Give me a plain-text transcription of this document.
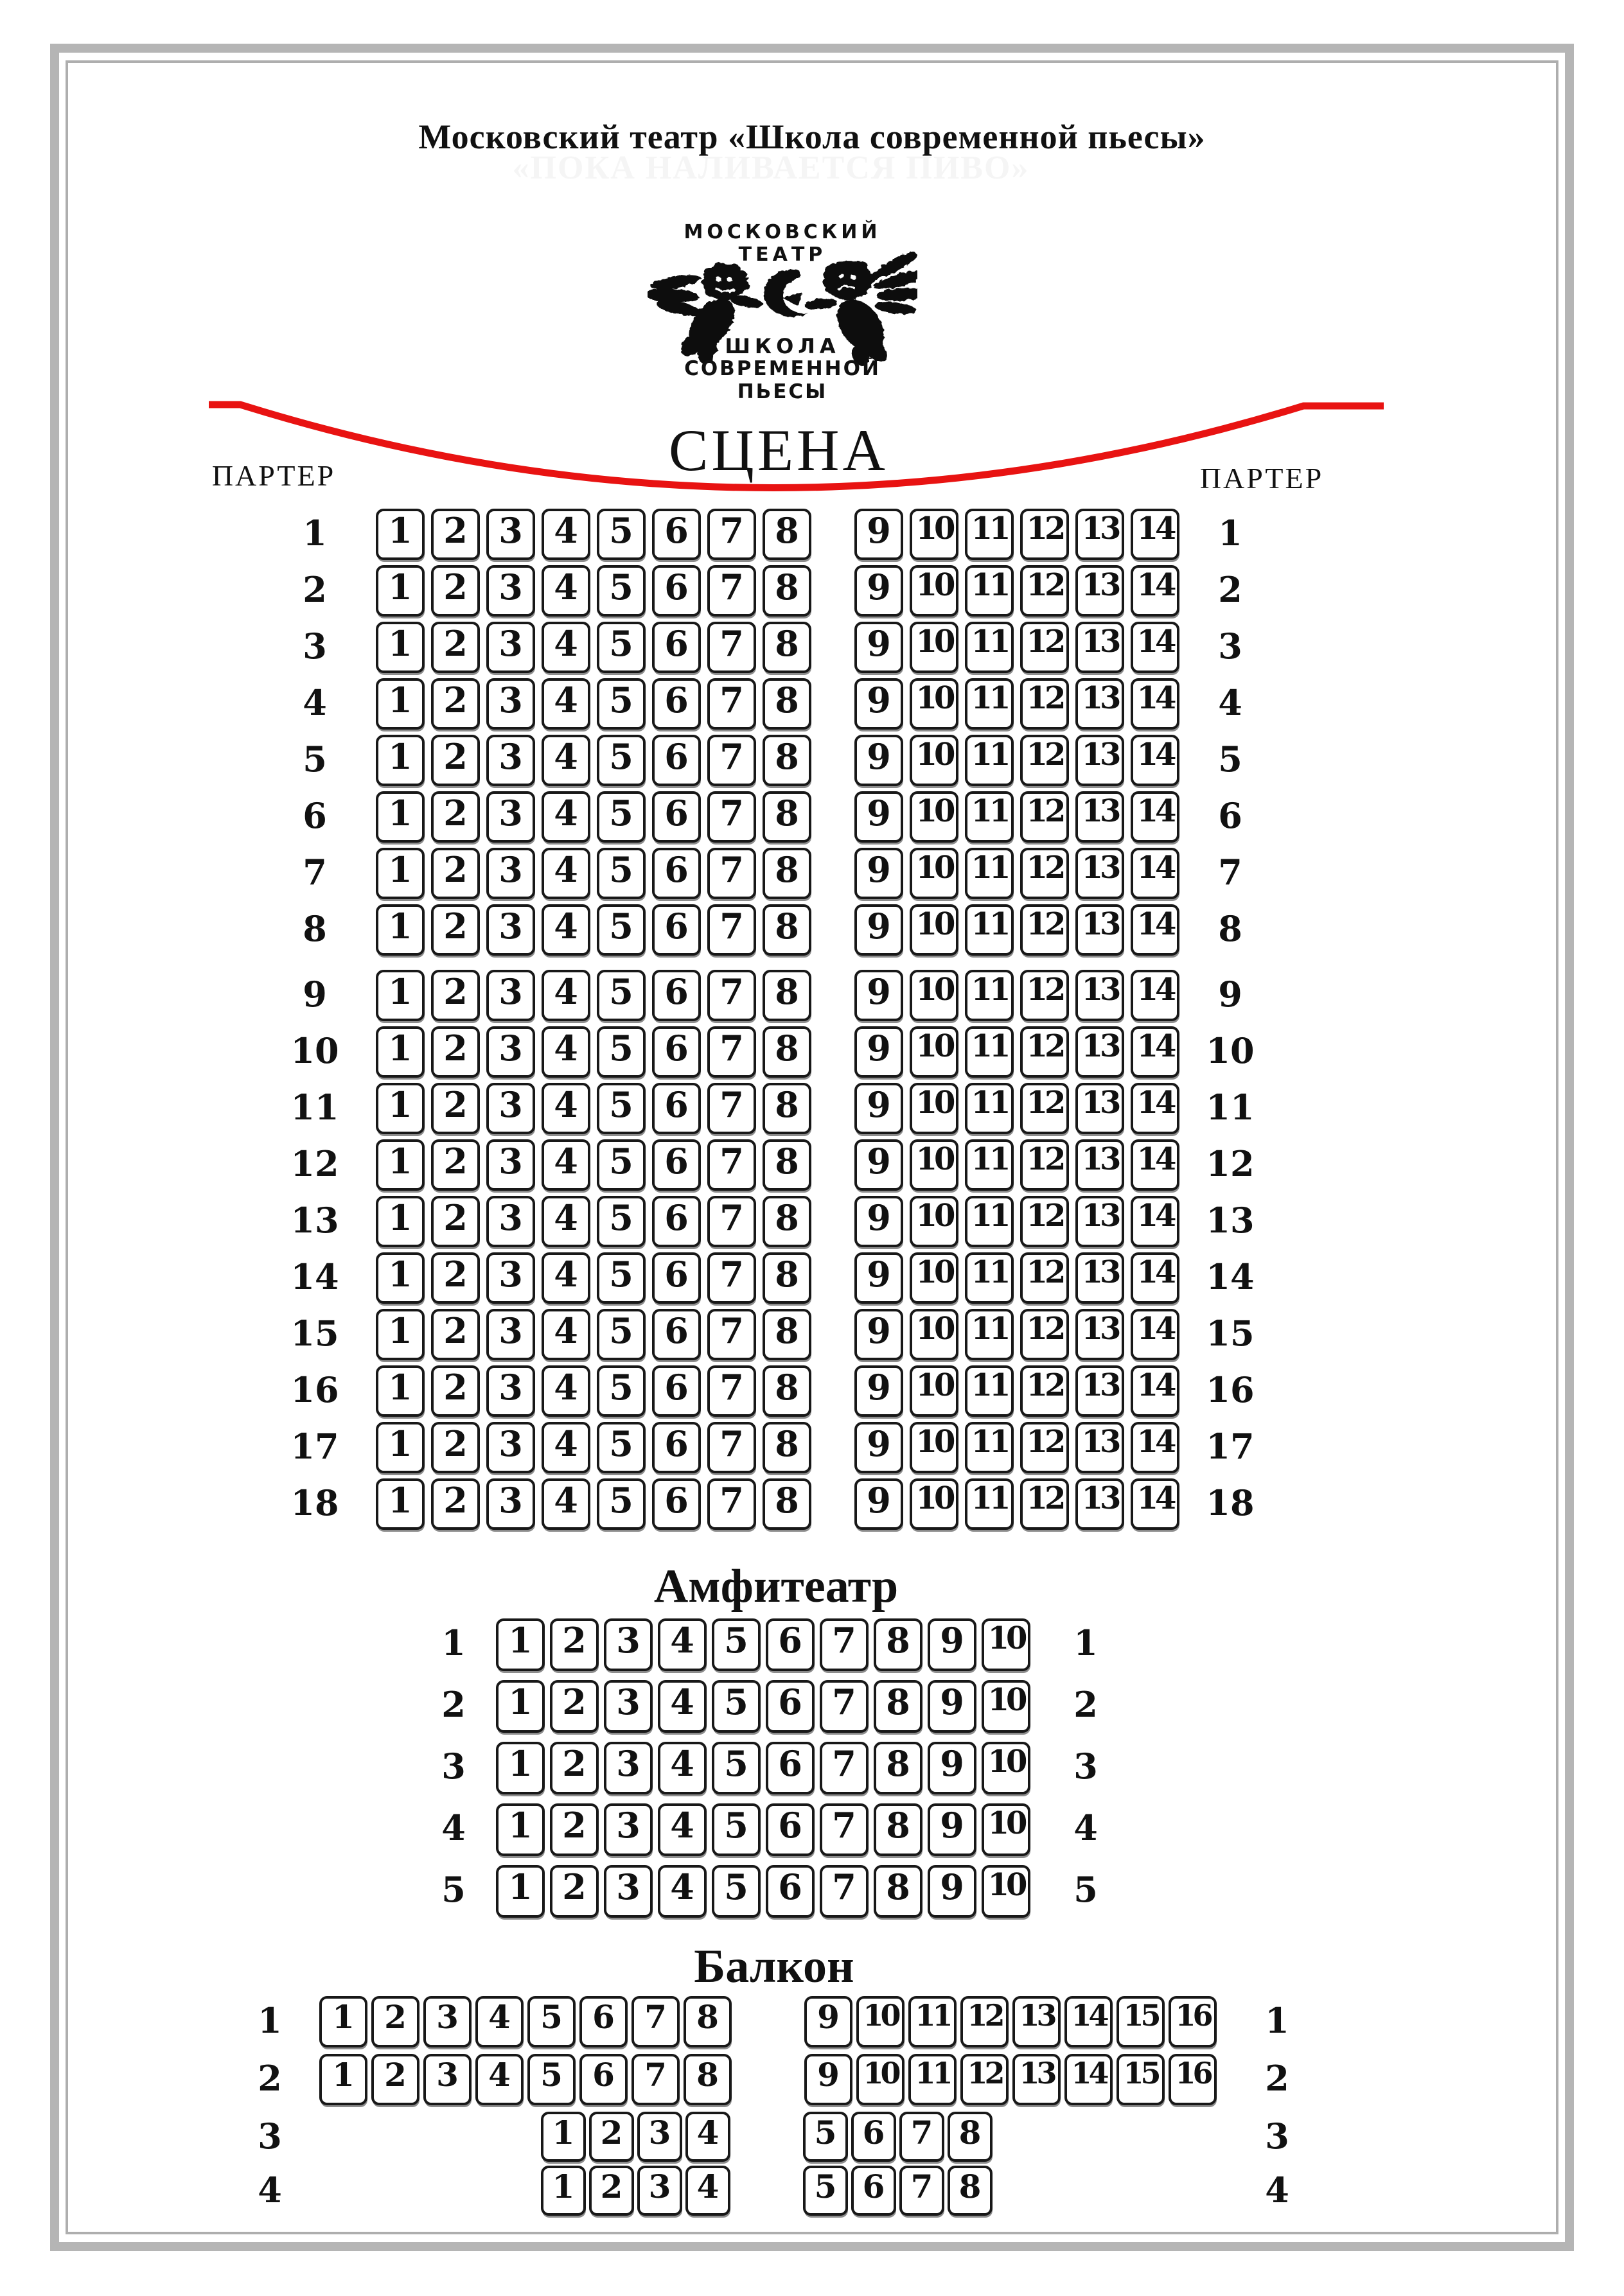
Московский театр «Школа современной пьесы»
«ПОКА НАЛИВАЕТСЯ ПИВО»
МОСКОВСКИЙ ТЕАТР
ШКОЛА
СОВРЕМЕННОЙ ПЬЕСЫ
СЦЕНА
ПАРТЕР	ПАРТЕР
1	1
1 2 3 4 5 6 7 8	9 10 11 12 13 14
2	2
1 2 3 4 5 6 7 8	9 10 11 12 13 14
3	3
1 2 3 4 5 6 7 8	9 10 11 12 13 14
4	4
1 2 3 4 5 6 7 8	9 10 11 12 13 14
5	5
1 2 3 4 5 6 7 8	9 10 11 12 13 14
6	6
1 2 3 4 5 6 7 8	9 10 11 12 13 14
7	7
1 2 3 4 5 6 7 8	9 10 11 12 13 14
8	8
1 2 3 4 5 6 7 8	9 10 11 12 13 14
9	9
1 2 3 4 5 6 7 8	9 10 11 12 13 14
10	10
1 2 3 4 5 6 7 8	9 10 11 12 13 14
11	11
1 2 3 4 5 6 7 8	9 10 11 12 13 14
12	12
1 2 3 4 5 6 7 8	9 10 11 12 13 14
13	13
1 2 3 4 5 6 7 8	9 10 11 12 13 14
14	14
1 2 3 4 5 6 7 8	9 10 11 12 13 14
15	15
1 2 3 4 5 6 7 8	9 10 11 12 13 14
16	16
1 2 3 4 5 6 7 8	9 10 11 12 13 14
17	17
1 2 3 4 5 6 7 8	9 10 11 12 13 14
18	18
1 2 3 4 5 6 7 8	9 10 11 12 13 14
Амфитеатр
1	1
1 2 3 4 5 6 7 8 9 10
2	2
1 2 3 4 5 6 7 8 9 10
3	3
1 2 3 4 5 6 7 8 9 10
4	4
1 2 3 4 5 6 7 8 9 10
5	5
1 2 3 4 5 6 7 8 9 10
Балкон
1	1
1 2 3 4 5 6 7 8	9 10 11 12 13 14 15 16
2	2
1 2 3 4 5 6 7 8	9 10 11 12 13 14 15 16
3	3
1 2 3 4	5 6 7 8
4	4
1 2 3 4	5 6 7 8
